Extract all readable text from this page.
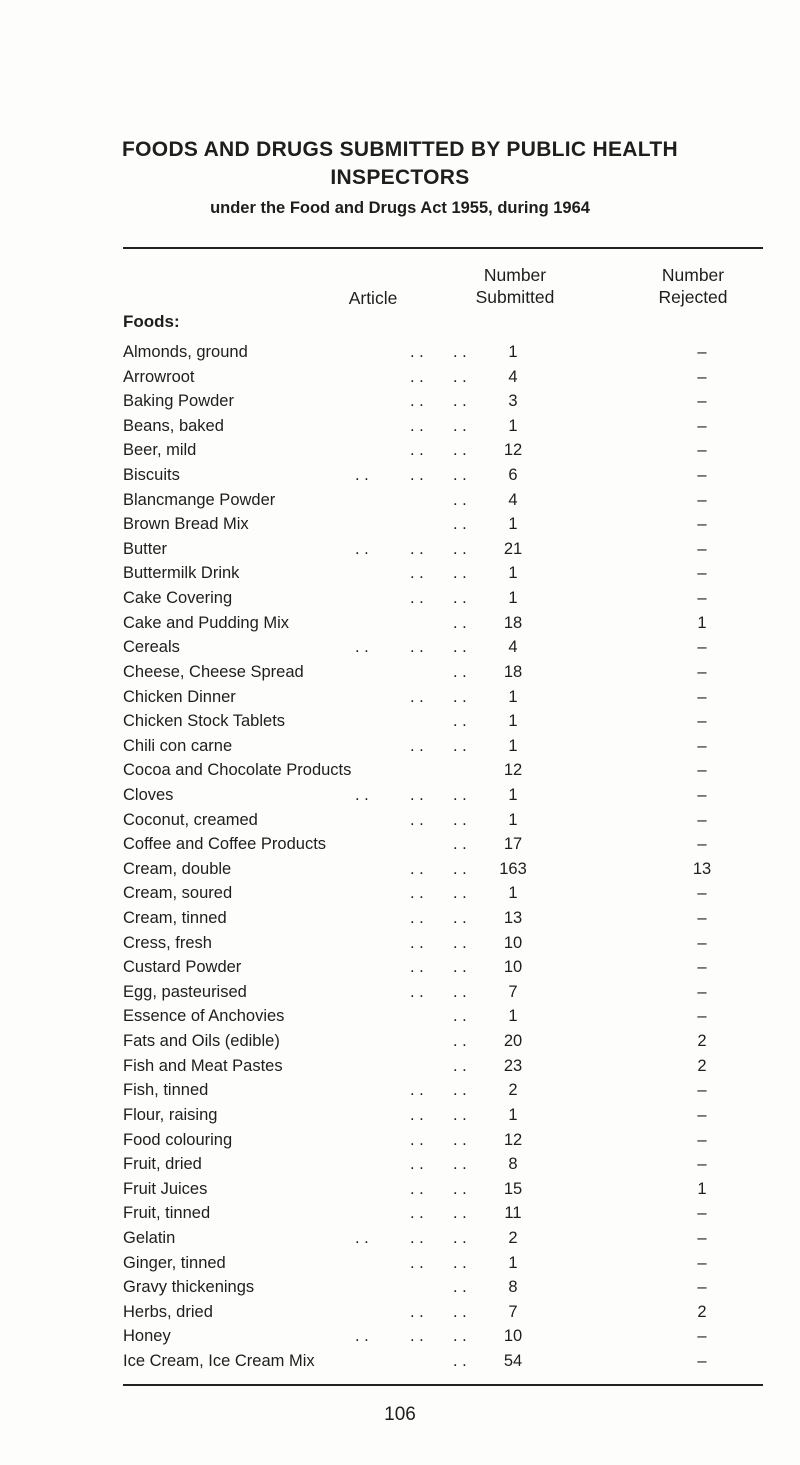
FOODS AND DRUGS SUBMITTED BY PUBLIC HEALTH
INSPECTORS
under the Food and Drugs Act 1955, during 1964
Article
Number
Submitted
Number
Rejected
Foods:
Almonds, ground	. . . .	1	–
Arrowroot	. . . .	4	–
Baking Powder	. . . .	3	–
Beans, baked	. . . .	1	–
Beer, mild	. . . .	12	–
Biscuits	. . . . . .	6	–
Blancmange Powder	. .	4	–
Brown Bread Mix	. .	1	–
Butter	. . . . . .	21	–
Buttermilk Drink	. . . .	1	–
Cake Covering	. . . .	1	–
Cake and Pudding Mix	. .	18	1
Cereals	. . . . . .	4	–
Cheese, Cheese Spread	. .	18	–
Chicken Dinner	. . . .	1	–
Chicken Stock Tablets	. .	1	–
Chili con carne	. . . .	1	–
Cocoa and Chocolate Products	12	–
Cloves	. . . . . .	1	–
Coconut, creamed	. . . .	1	–
Coffee and Coffee Products	. .	17	–
Cream, double	. . . .	163	13
Cream, soured	. . . .	1	–
Cream, tinned	. . . .	13	–
Cress, fresh	. . . .	10	–
Custard Powder	. . . .	10	–
Egg, pasteurised	. . . .	7	–
Essence of Anchovies	. .	1	–
Fats and Oils (edible)	. .	20	2
Fish and Meat Pastes	. .	23	2
Fish, tinned	. . . .	2	–
Flour, raising	. . . .	1	–
Food colouring	. . . .	12	–
Fruit, dried	. . . .	8	–
Fruit Juices	. . . .	15	1
Fruit, tinned	. . . .	11	–
Gelatin	. . . . . .	2	–
Ginger, tinned	. . . .	1	–
Gravy thickenings	. .	8	–
Herbs, dried	. . . .	7	2
Honey	. . . . . .	10	–
Ice Cream, Ice Cream Mix	. .	54	–
106
